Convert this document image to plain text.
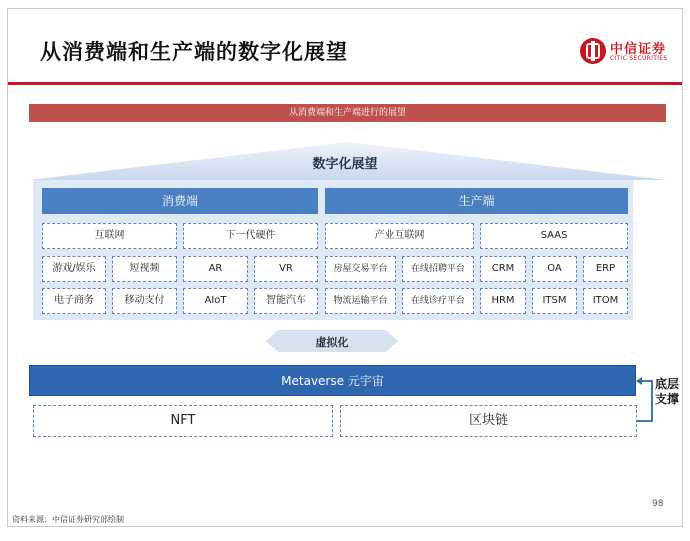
从消费端和生产端的数字化展望	中信证券
CITIC SECURITIES
从消费端和生产端进行的展望
数字化展望
消费端
互联网	下一代硬件
游戏/娱乐	短视频	AR	VR
电子商务	移动支付	AIoT	智能汽车
生产端
产业互联网	SAAS
房屋交易平台	在线招聘平台	CRM	OA	ERP
物流运输平台	在线诊疗平台	HRM	ITSM	ITOM
虚拟化
Metaverse 元宇宙
NFT	区块链
底层支撑
98
资料来源：中信证券研究部绘制
